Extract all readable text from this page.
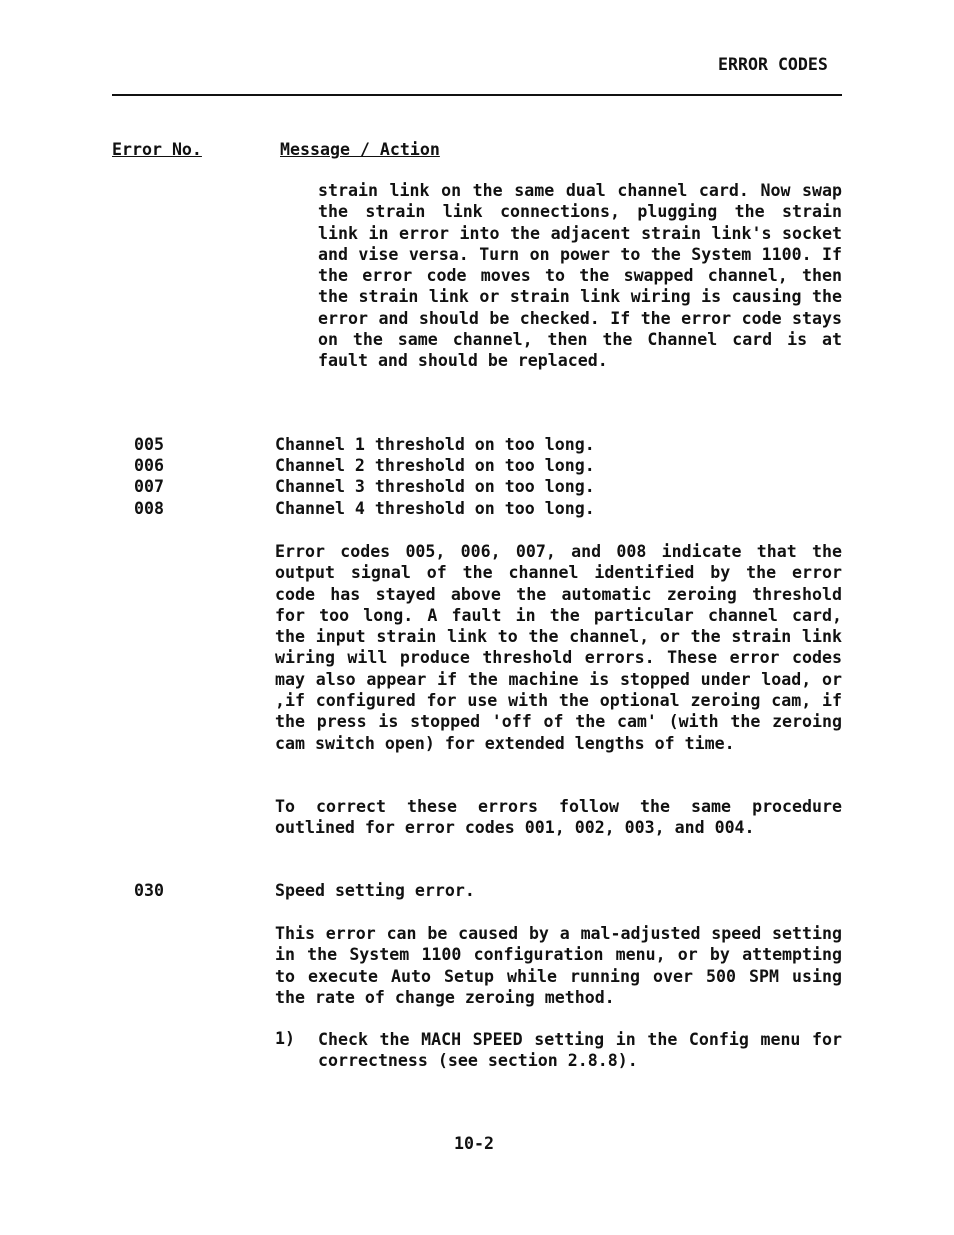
ERROR CODES
Error No.	Message / Action

strain link on the same dual channel card. Now swap the strain link connections, plugging the strain link in error into the adjacent strain link's socket and vise versa. Turn on power to the System 1100. If the error code moves to the swapped channel, then the strain link or strain link wiring is causing the error and should be checked. If the error code stays on the same channel, then the Channel card is at fault and should be replaced.

005	Channel 1 threshold on too long.
006	Channel 2 threshold on too long.
007	Channel 3 threshold on too long.
008	Channel 4 threshold on too long.

Error codes 005, 006, 007, and 008 indicate that the output signal of the channel identified by the error code has stayed above the automatic zeroing threshold for too long. A fault in the particular channel card, the input strain link to the channel, or the strain link wiring will produce threshold errors. These error codes may also appear if the machine is stopped under load, or ,if configured for use with the optional zeroing cam, if the press is stopped 'off of the cam' (with the zeroing cam switch open) for extended lengths of time.

To correct these errors follow the same procedure outlined for error codes 001, 002, 003, and 004.

030	Speed setting error.

This error can be caused by a mal-adjusted speed setting in the System 1100 configuration menu, or by attempting to execute Auto Setup while running over 500 SPM using the rate of change zeroing method.

1) Check the MACH SPEED setting in the Config menu for correctness (see section 2.8.8).

10-2
